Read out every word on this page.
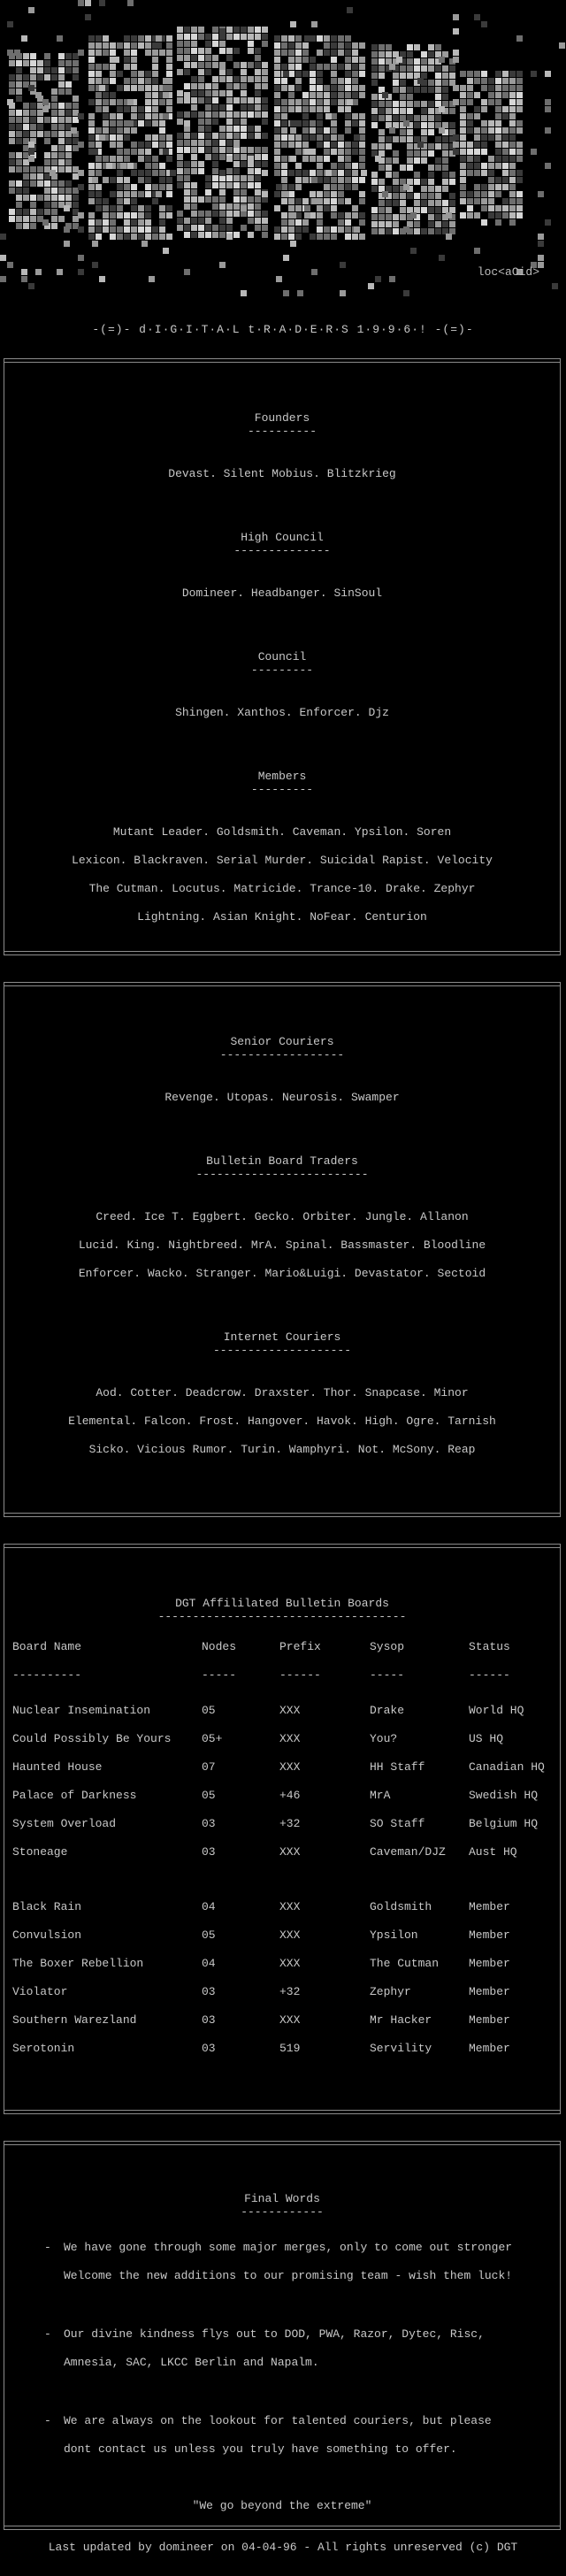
loc<aCid>
-(=)- d·I·G·I·T·A·L t·R·A·D·E·R·S 1·9·9·6·! -(=)-
Founders
----------
Devast. Silent Mobius. Blitzkrieg
High Council
--------------
Domineer. Headbanger. SinSoul
Council
---------
Shingen. Xanthos. Enforcer. Djz
Members
---------
Mutant Leader. Goldsmith. Caveman. Ypsilon. Soren
Lexicon. Blackraven. Serial Murder. Suicidal Rapist. Velocity
The Cutman. Locutus. Matricide. Trance-10. Drake. Zephyr
Lightning. Asian Knight. NoFear. Centurion
Senior Couriers
------------------
Revenge. Utopas. Neurosis. Swamper
Bulletin Board Traders
-------------------------
Creed. Ice T. Eggbert. Gecko. Orbiter. Jungle. Allanon
Lucid. King. Nightbreed. MrA. Spinal. Bassmaster. Bloodline
Enforcer. Wacko. Stranger. Mario&Luigi. Devastator. Sectoid
Internet Couriers
--------------------
Aod. Cotter. Deadcrow. Draxster. Thor. Snapcase. Minor
Elemental. Falcon. Frost. Hangover. Havok. High. Ogre. Tarnish
Sicko. Vicious Rumor. Turin. Wamphyri. Not. McSony. Reap
DGT Affililated Bulletin Boards
------------------------------------
Board Name	Nodes	Prefix	Sysop	Status
----------	-----	------	-----	------

Nuclear Insemination	05	XXX	Drake	World HQ
Could Possibly Be Yours	05+	XXX	You?	US HQ
Haunted House	07	XXX	HH Staff	Canadian HQ
Palace of Darkness	05	+46	MrA	Swedish HQ
System Overload	03	+32	SO Staff	Belgium HQ
Stoneage	03	XXX	Caveman/DJZ	Aust HQ

Black Rain	04	XXX	Goldsmith	Member
Convulsion	05	XXX	Ypsilon	Member
The Boxer Rebellion	04	XXX	The Cutman	Member
Violator	03	+32	Zephyr	Member
Southern Warezland	03	XXX	Mr Hacker	Member
Serotonin	03	519	Servility	Member
Final Words
------------
- We have gone through some major merges, only to come out stronger
Welcome the new additions to our promising team - wish them luck!
- Our divine kindness flys out to DOD, PWA, Razor, Dytec, Risc,
Amnesia, SAC, LKCC Berlin and Napalm.
- We are always on the lookout for talented couriers, but please
dont contact us unless you truly have something to offer.
"We go beyond the extreme"
Last updated by domineer on 04-04-96 - All rights unreserved (c) DGT
